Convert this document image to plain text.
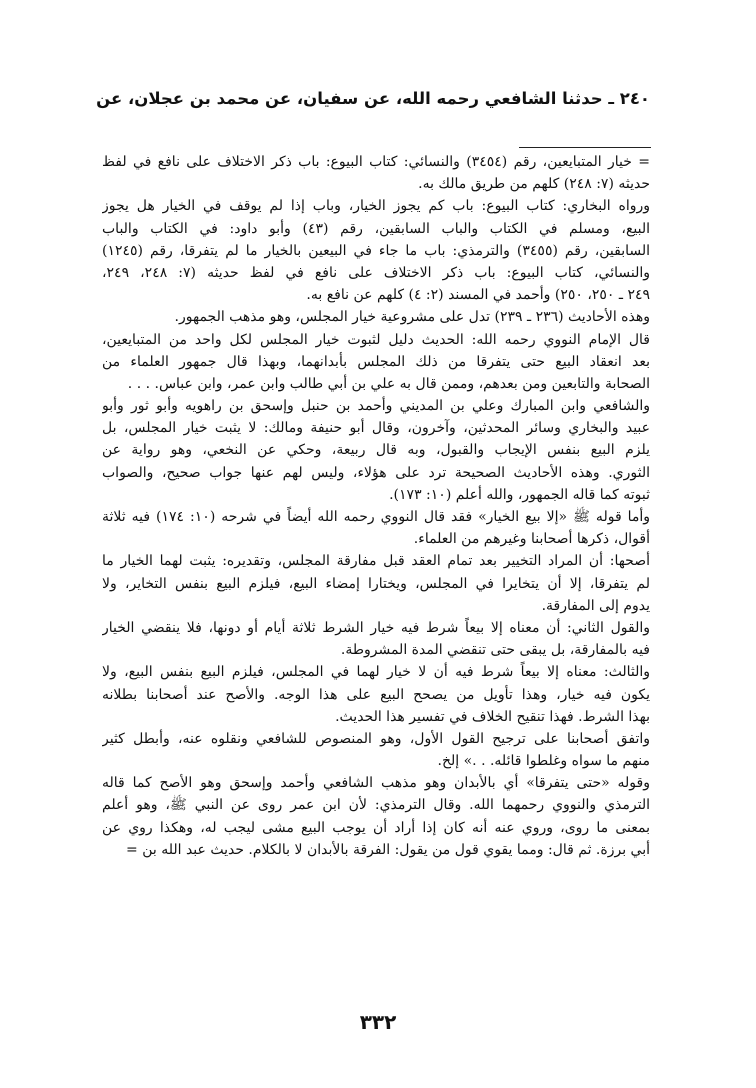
٢٤٠ ـ حدثنا الشافعي رحمه الله، عن سفيان، عن محمد بن عجلان، عن
= خيار المتبايعين، رقم (٣٤٥٤) والنسائي: كتاب البيوع: باب ذكر الاختلاف على نافع في لفظ
حديثه (٧: ٢٤٨) كلهم من طريق مالك به.
ورواه البخاري: كتاب البيوع: باب كم يجوز الخيار، وباب إذا لم يوقف في الخيار هل يجوز
البيع، ومسلم في الكتاب والباب السابقين، رقم (٤٣) وأبو داود: في الكتاب والباب
السابقين، رقم (٣٤٥٥) والترمذي: باب ما جاء في البيعين بالخيار ما لم يتفرقا، رقم (١٢٤٥)
والنسائي، كتاب البيوع: باب ذكر الاختلاف على نافع في لفظ حديثه (٧: ٢٤٨، ٢٤٩،
٢٤٩ ـ ٢٥٠، ٢٥٠) وأحمد في المسند (٢: ٤) كلهم عن نافع به.
وهذه الأحاديث (٢٣٦ ـ ٢٣٩) تدل على مشروعية خيار المجلس، وهو مذهب الجمهور.
قال الإمام النووي رحمه الله: الحديث دليل لثبوت خيار المجلس لكل واحد من المتبايعين،
بعد انعقاد البيع حتى يتفرقا من ذلك المجلس بأبدانهما، وبهذا قال جمهور العلماء من
الصحابة والتابعين ومن بعدهم، وممن قال به علي بن أبي طالب وابن عمر، وابن عباس. . . .
والشافعي وابن المبارك وعلي بن المديني وأحمد بن حنبل وإسحق بن راهويه وأبو ثور وأبو
عبيد والبخاري وسائر المحدثين، وآخرون، وقال أبو حنيفة ومالك: لا يثبت خيار المجلس، بل
يلزم البيع بنفس الإيجاب والقبول، وبه قال ربيعة، وحكي عن النخعي، وهو رواية عن
الثوري. وهذه الأحاديث الصحيحة ترد على هؤلاء، وليس لهم عنها جواب صحيح، والصواب
ثبوته كما قاله الجمهور، والله أعلم (١٠: ١٧٣).
وأما قوله ﷺ «إلا بيع الخيار» فقد قال النووي رحمه الله أيضاً في شرحه (١٠: ١٧٤) فيه ثلاثة
أقوال، ذكرها أصحابنا وغيرهم من العلماء.
أصحها: أن المراد التخيير بعد تمام العقد قبل مفارقة المجلس، وتقديره: يثبت لهما الخيار ما
لم يتفرقا، إلا أن يتخايرا في المجلس، ويختارا إمضاء البيع، فيلزم البيع بنفس التخاير، ولا
يدوم إلى المفارقة.
والقول الثاني: أن معناه إلا بيعاً شرط فيه خيار الشرط ثلاثة أيام أو دونها، فلا ينقضي الخيار
فيه بالمفارقة، بل يبقى حتى تنقضي المدة المشروطة.
والثالث: معناه إلا بيعاً شرط فيه أن لا خيار لهما في المجلس، فيلزم البيع بنفس البيع، ولا
يكون فيه خيار، وهذا تأويل من يصحح البيع على هذا الوجه. والأصح عند أصحابنا بطلانه
بهذا الشرط. فهذا تنقيح الخلاف في تفسير هذا الحديث.
واتفق أصحابنا على ترجيح القول الأول، وهو المنصوص للشافعي ونقلوه عنه، وأبطل كثير
منهم ما سواه وغلطوا قائله. . .» إلخ.
وقوله «حتى يتفرقا» أي بالأبدان وهو مذهب الشافعي وأحمد وإسحق وهو الأصح كما قاله
الترمذي والنووي رحمهما الله. وقال الترمذي: لأن ابن عمر روى عن النبي ﷺ، وهو أعلم
بمعنى ما روى، وروي عنه أنه كان إذا أراد أن يوجب البيع مشى ليجب له، وهكذا روي عن
أبي برزة. ثم قال: ومما يقوي قول من يقول: الفرقة بالأبدان لا بالكلام. حديث عبد الله بن =
٣٣٢
